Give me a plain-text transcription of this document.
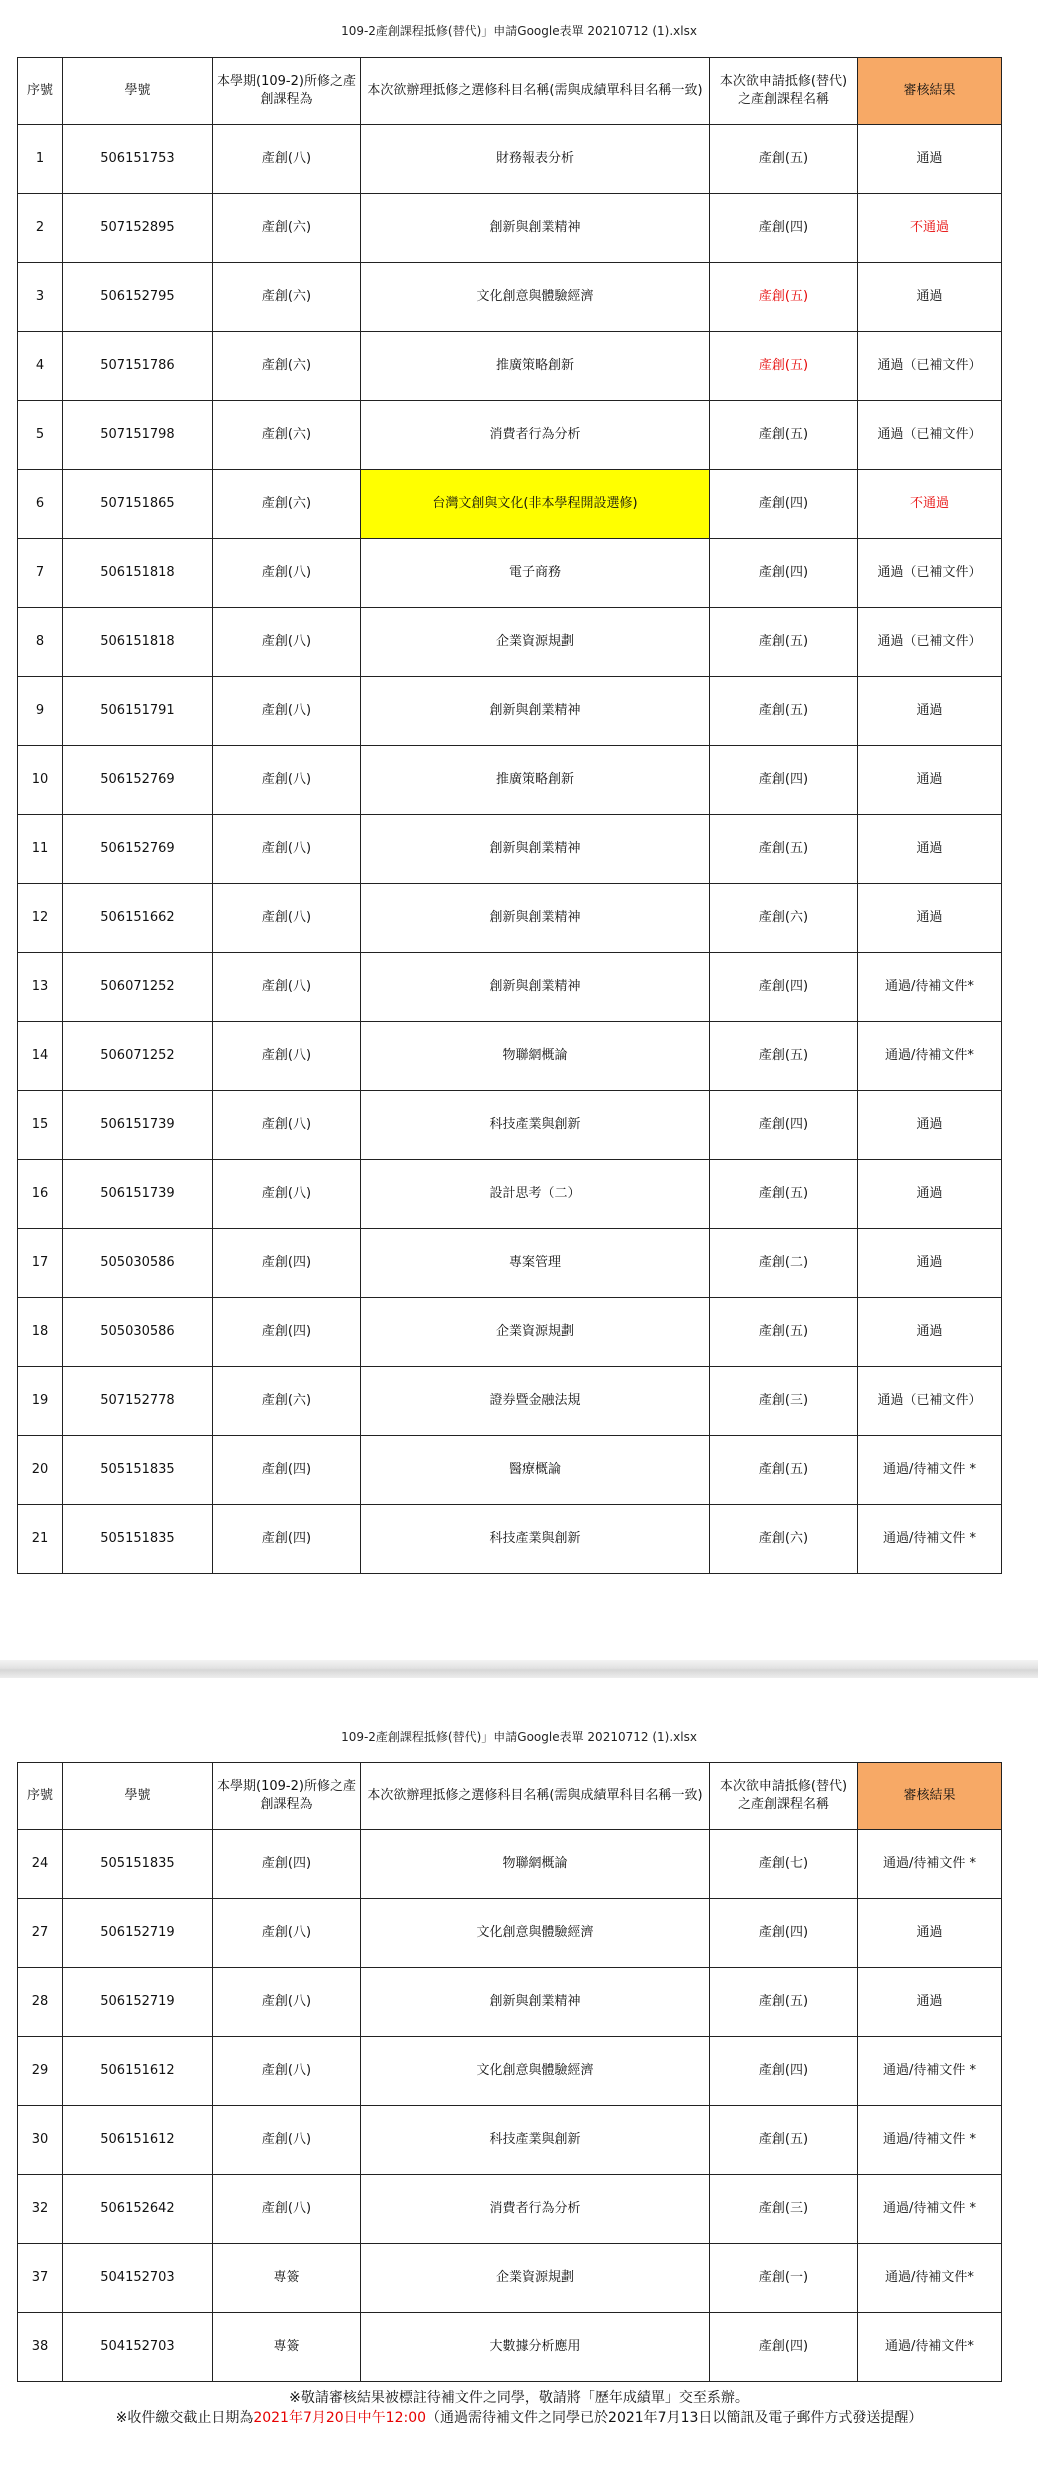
109-2產創課程抵修(替代)」申請Google表單 20210712 (1).xlsx
序號	學號	本學期(109-2)所修之產創課程為	本次欲辦理抵修之選修科目名稱(需與成績單科目名稱一致)	本次欲申請抵修(替代)之產創課程名稱	審核結果
1	506151753	產創(八)	財務報表分析	產創(五)	通過
2	507152895	產創(六)	創新與創業精神	產創(四)	不通過
3	506152795	產創(六)	文化創意與體驗經濟	產創(五)	通過
4	507151786	產創(六)	推廣策略創新	產創(五)	通過（已補文件）
5	507151798	產創(六)	消費者行為分析	產創(五)	通過（已補文件）
6	507151865	產創(六)	台灣文創與文化(非本學程開設選修)	產創(四)	不通過
7	506151818	產創(八)	電子商務	產創(四)	通過（已補文件）
8	506151818	產創(八)	企業資源規劃	產創(五)	通過（已補文件）
9	506151791	產創(八)	創新與創業精神	產創(五)	通過
10	506152769	產創(八)	推廣策略創新	產創(四)	通過
11	506152769	產創(八)	創新與創業精神	產創(五)	通過
12	506151662	產創(八)	創新與創業精神	產創(六)	通過
13	506071252	產創(八)	創新與創業精神	產創(四)	通過/待補文件*
14	506071252	產創(八)	物聯網概論	產創(五)	通過/待補文件*
15	506151739	產創(八)	科技產業與創新	產創(四)	通過
16	506151739	產創(八)	設計思考（二）	產創(五)	通過
17	505030586	產創(四)	專案管理	產創(二)	通過
18	505030586	產創(四)	企業資源規劃	產創(五)	通過
19	507152778	產創(六)	證券暨金融法規	產創(三)	通過（已補文件）
20	505151835	產創(四)	醫療概論	產創(五)	通過/待補文件 *
21	505151835	產創(四)	科技產業與創新	產創(六)	通過/待補文件 *
109-2產創課程抵修(替代)」申請Google表單 20210712 (1).xlsx
序號	學號	本學期(109-2)所修之產創課程為	本次欲辦理抵修之選修科目名稱(需與成績單科目名稱一致)	本次欲申請抵修(替代)之產創課程名稱	審核結果
24	505151835	產創(四)	物聯網概論	產創(七)	通過/待補文件 *
27	506152719	產創(八)	文化創意與體驗經濟	產創(四)	通過
28	506152719	產創(八)	創新與創業精神	產創(五)	通過
29	506151612	產創(八)	文化創意與體驗經濟	產創(四)	通過/待補文件 *
30	506151612	產創(八)	科技產業與創新	產創(五)	通過/待補文件 *
32	506152642	產創(八)	消費者行為分析	產創(三)	通過/待補文件 *
37	504152703	專簽	企業資源規劃	產創(一)	通過/待補文件*
38	504152703	專簽	大數據分析應用	產創(四)	通過/待補文件*
※敬請審核結果被標註待補文件之同學，敬請將「歷年成績單」交至系辦。
※收件繳交截止日期為2021年7月20日中午12:00（通過需待補文件之同學已於2021年7月13日以簡訊及電子郵件方式發送提醒）
